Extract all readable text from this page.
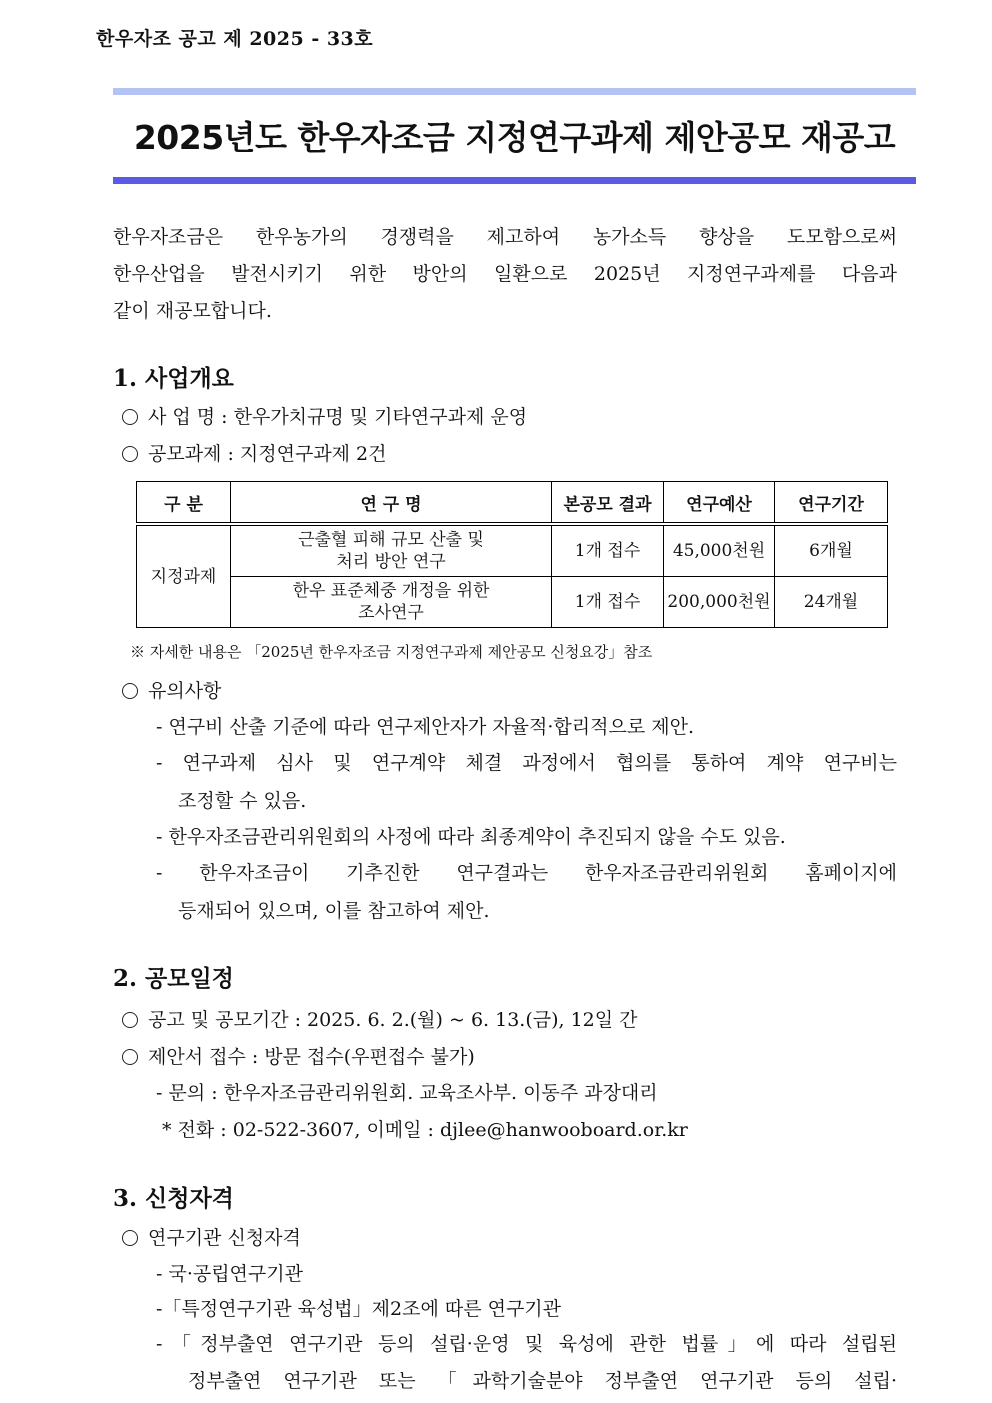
한우자조 공고 제 2025 - 33호
2025년도 한우자조금 지정연구과제 제안공모 재공고
한우자조금은 한우농가의 경쟁력을 제고하여 농가소득 향상을 도모함으로써
한우산업을 발전시키기 위한 방안의 일환으로 2025년 지정연구과제를 다음과
같이 재공모합니다.
1. 사업개요
사 업 명 : 한우가치규명 및 기타연구과제 운영
공모과제 : 지정연구과제 2건
구 분	연 구 명	본공모 결과	연구예산	연구기간
지정과제	근출혈 피해 규모 산출 및
처리 방안 연구	1개 접수	45,000천원	6개월

	한우 표준체중 개정을 위한
조사연구	1개 접수	200,000천원	24개월
※ 자세한 내용은 「2025년 한우자조금 지정연구과제 제안공모 신청요강」참조
유의사항
- 연구비 산출 기준에 따라 연구제안자가 자율적·합리적으로 제안.
- 연구과제 심사 및 연구계약 체결 과정에서 협의를 통하여 계약 연구비는
조정할 수 있음.
- 한우자조금관리위원회의 사정에 따라 최종계약이 추진되지 않을 수도 있음.
- 한우자조금이 기추진한 연구결과는 한우자조금관리위원회 홈페이지에
등재되어 있으며, 이를 참고하여 제안.
2. 공모일정
공고 및 공모기간 : 2025. 6. 2.(월) ~ 6. 13.(금), 12일 간
제안서 접수 : 방문 접수(우편접수 불가)
- 문의 : 한우자조금관리위원회. 교육조사부. 이동주 과장대리
* 전화 : 02-522-3607, 이메일 : djlee@hanwooboard.or.kr
3. 신청자격
연구기관 신청자격
- 국·공립연구기관
-「특정연구기관 육성법」제2조에 따른 연구기관
-「정부출연 연구기관 등의 설립·운영 및 육성에 관한 법률」에 따라 설립된
정부출연 연구기관 또는 「과학기술분야 정부출연 연구기관 등의 설립·
